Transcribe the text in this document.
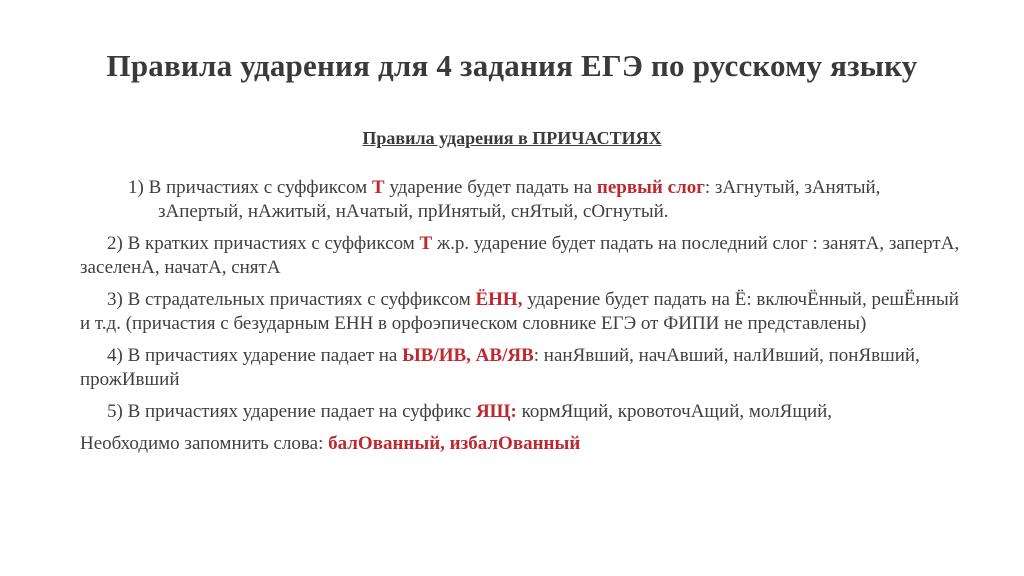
Правила ударения для 4 задания ЕГЭ по русскому языку
Правила ударения в ПРИЧАСТИЯХ

1) В причастиях с суффиксом Т ударение будет падать на первый слог: зАгнутый, зАнятый, зАпертый, нАжитый, нАчатый, прИнятый, снЯтый, сОгнутый.

2) В кратких причастиях с суффиксом Т ж.р. ударение будет падать на последний слог : занятА, запертА, заселенА, начатА, снятА

3) В страдательных причастиях с суффиксом ЁНН, ударение будет падать на Ё: включЁнный, решЁнный и т.д. (причастия с безударным ЕНН в орфоэпическом словнике ЕГЭ от ФИПИ не представлены)

4) В причастиях ударение падает на ЫВ/ИВ, АВ/ЯВ: нанЯвший, начАвший, налИвший, понЯвший, прожИвший

5) В причастиях ударение падает на суффикс ЯЩ: кормЯщий, кровоточАщий, молЯщий,

Необходимо запомнить слова: балОванный, избалОванный
